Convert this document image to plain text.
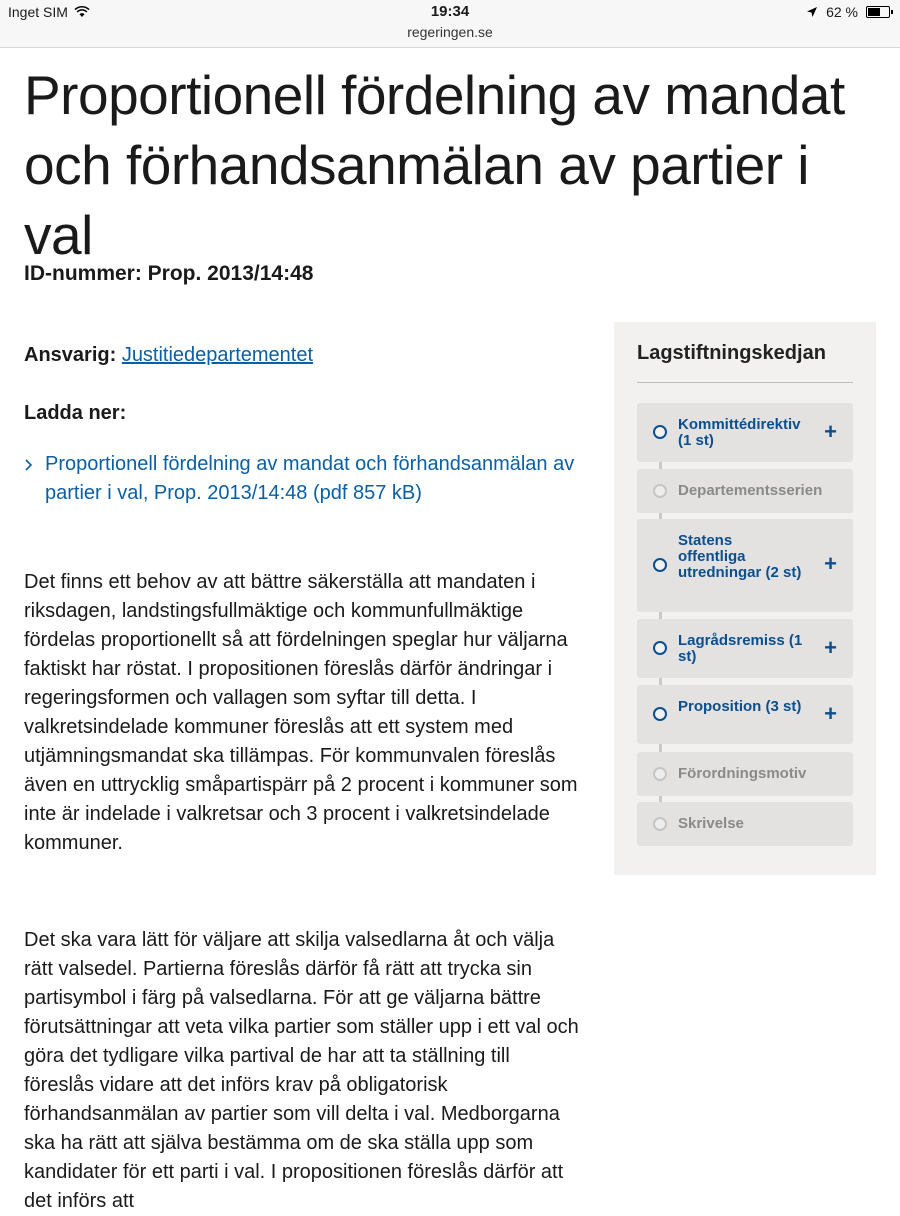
Inget SIM	19:34
regeringen.se
62 %
Proportionell fördelning av mandat och förhandsanmälan av partier i val
ID-nummer: Prop. 2013/14:48
Ansvarig: Justitiedepartementet
Ladda ner:
Proportionell fördelning av mandat och förhandsanmälan av partier i val, Prop. 2013/14:48 (pdf 857 kB)

Det finns ett behov av att bättre säkerställa att mandaten i riksdagen, landstingsfullmäktige och kommunfullmäktige fördelas proportionellt så att fördelningen speglar hur väljarna faktiskt har röstat. I propositionen föreslås därför ändringar i regeringsformen och vallagen som syftar till detta. I valkretsindelade kommuner föreslås att ett system med utjämningsmandat ska tillämpas. För kommunvalen föreslås även en uttrycklig småpartispärr på 2 procent i kommuner som inte är indelade i valkretsar och 3 procent i valkretsindelade kommuner.

Det ska vara lätt för väljare att skilja valsedlarna åt och välja rätt valsedel. Partierna föreslås därför få rätt att trycka sin partisymbol i färg på valsedlarna. För att ge väljarna bättre förutsättningar att veta vilka partier som ställer upp i ett val och göra det tydligare vilka partival de har att ta ställning till föreslås vidare att det införs krav på obligatorisk förhandsanmälan av partier som vill delta i val. Medborgarna ska ha rätt att själva bestämma om de ska ställa upp som kandidater för ett parti i val. I propositionen föreslås därför att det införs att

Lagstiftningskedjan
Kommittédirektiv (1 st)	+
Departementsserien
Statens offentliga utredningar (2 st) +
Lagrådsremiss (1 st)	+
Proposition (3 st) +
Förordningsmotiv
Skrivelse
